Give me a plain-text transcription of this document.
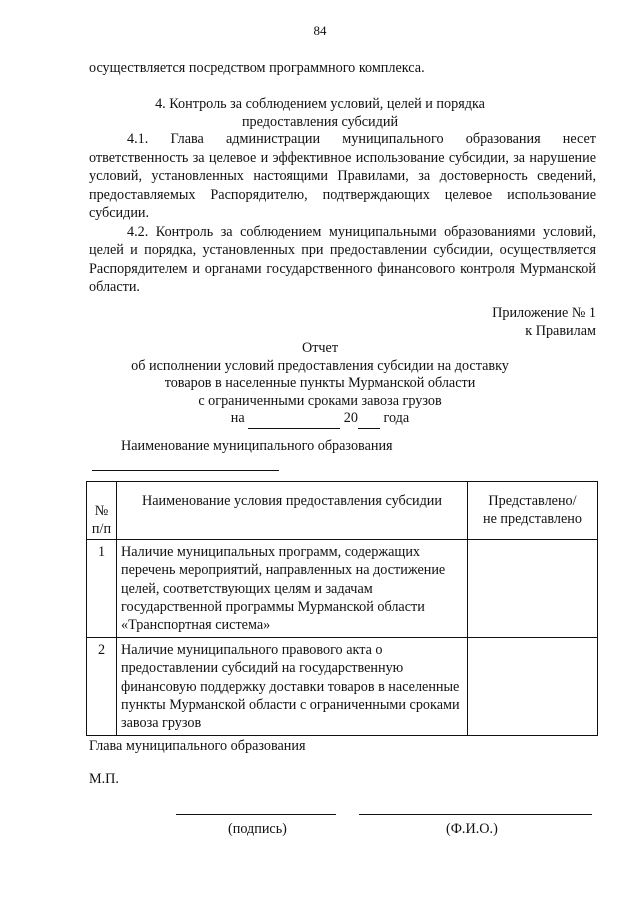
84
осуществляется посредством программного комплекса.
4. Контроль за соблюдением условий, целей и порядка
предоставления субсидий

4.1. Глава администрации муниципального образования несет ответственность за целевое и эффективное использование субсидии, за нарушение условий, установленных настоящими Правилами, за достоверность сведений, предоставляемых Распорядителю, подтверждающих целевое использование субсидии.

4.2. Контроль за соблюдением муниципальными образованиями условий, целей и порядка, установленных при предоставлении субсидии, осуществляется Распорядителем и органами государственного финансового контроля Мурманской области.

Приложение № 1
к Правилам
Отчет
об исполнении условий предоставления субсидии на доставку
товаров в населенные пункты Мурманской области
с ограниченными сроками завоза грузов
на	20 года
Наименование муниципального образования
№ п/п	Наименование условия предоставления субсидии	Представлено/ не представлено

1	Наличие муниципальных программ, содержащих перечень мероприятий, направленных на достижение целей, соответствующих целям и задачам государственной программы Мурманской области «Транспортная система»	

2	Наличие муниципального правового акта о предоставлении субсидий на государственную финансовую поддержку доставки товаров в населенные пункты Мурманской области с ограниченными сроками завоза грузов	

Глава муниципального образования
М.П.
(подпись)	(Ф.И.О.)
